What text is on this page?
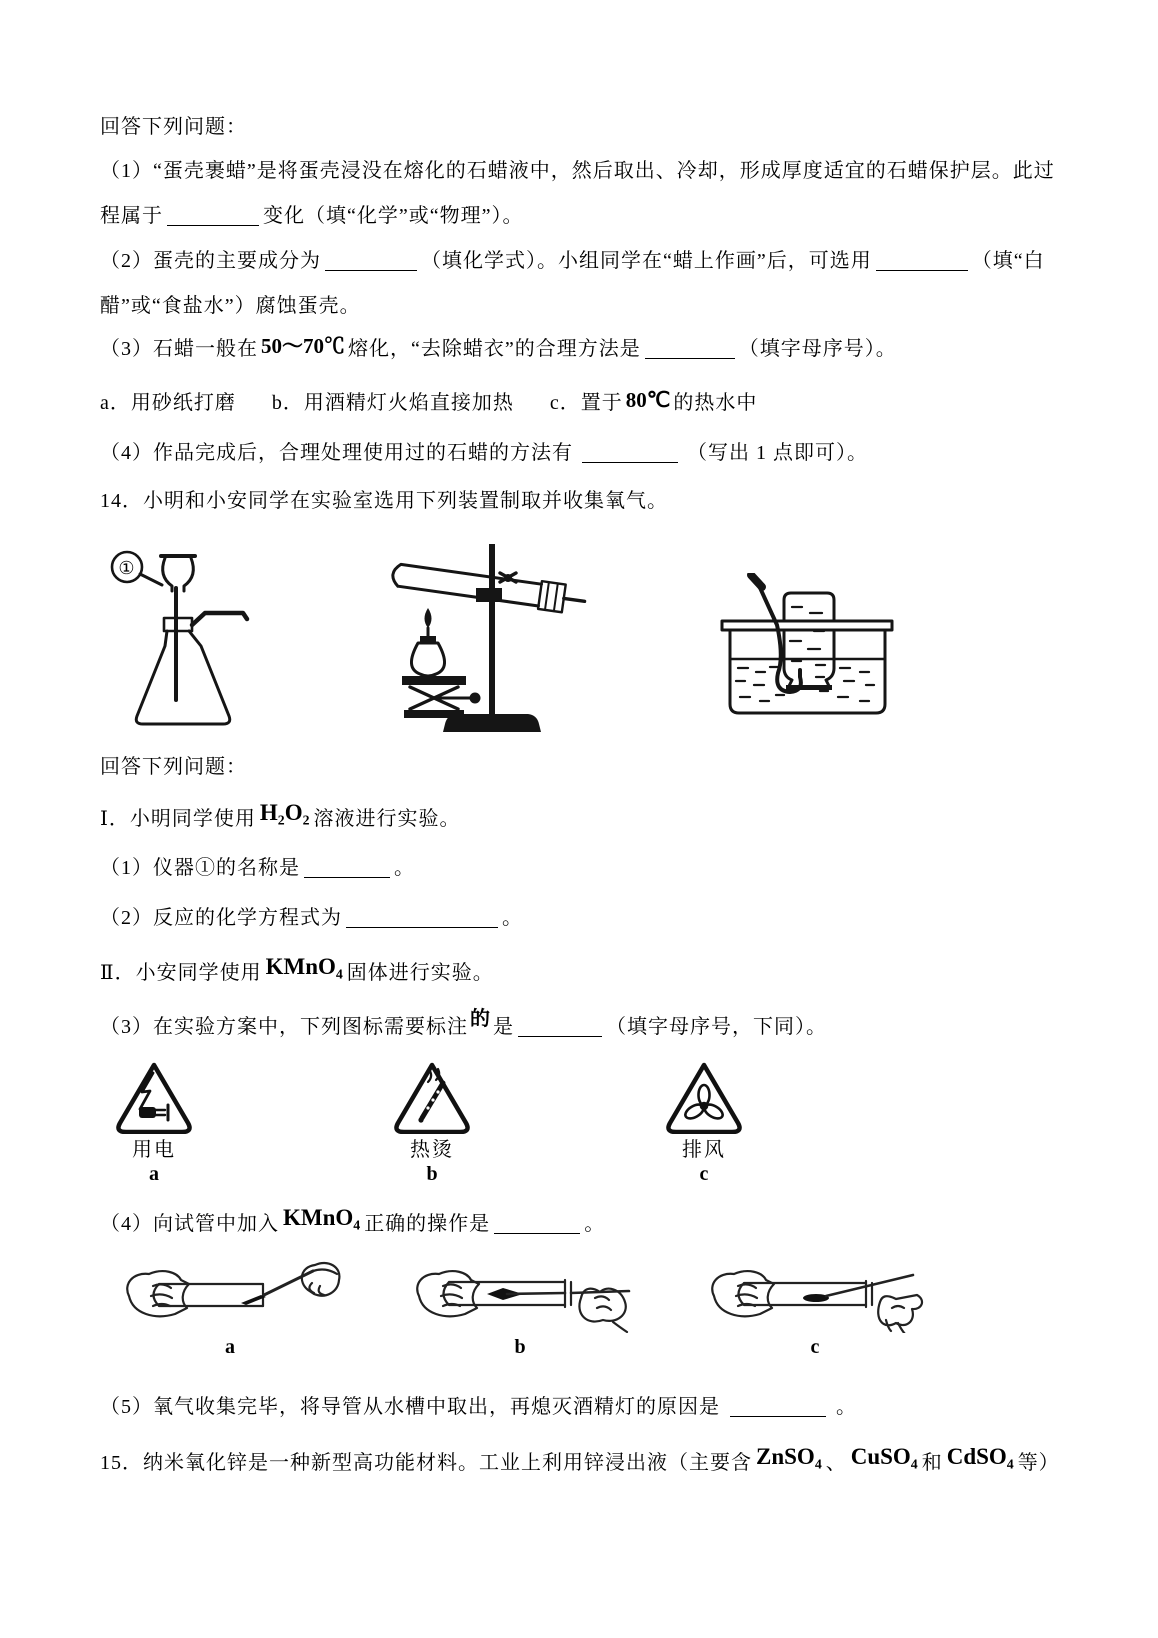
回答下列问题：
（1）“蛋壳裹蜡”是将蛋壳浸没在熔化的石蜡液中，然后取出、冷却，形成厚度适宜的石蜡保护层。此过
程属于	变化（填“化学”或“物理”）。
（2）蛋壳的主要成分为	（填化学式）。小组同学在“蜡上作画”后，可选用	（填“白
醋”或“食盐水”）腐蚀蛋壳。
（3）石蜡一般在 50～70℃ 熔化，“去除蜡衣”的合理方法是	（填字母序号）。
a．用砂纸打磨 b．用酒精灯火焰直接加热 c．置于 80℃ 的热水中
（4）作品完成后，合理处理使用过的石蜡的方法有	（写出 1 点即可）。
14．小明和小安同学在实验室选用下列装置制取并收集氧气。
①
回答下列问题：
Ⅰ．小明同学使用 H₂O₂ 溶液进行实验。
（1）仪器①的名称是	。
（2）反应的化学方程式为	。
Ⅱ．小安同学使用 KMnO₄ 固体进行实验。
（3）在实验方案中，下列图标需要标注 的 是	（填字母序号，下同）。
用电
a
热烫
b
排风
c
（4）向试管中加入 KMnO₄ 正确的操作是	。
a	b	c
（5）氧气收集完毕，将导管从水槽中取出，再熄灭酒精灯的原因是	。
15．纳米氧化锌是一种新型高功能材料。工业上利用锌浸出液（主要含 ZnSO₄ 、 CuSO₄ 和 CdSO₄ 等）
